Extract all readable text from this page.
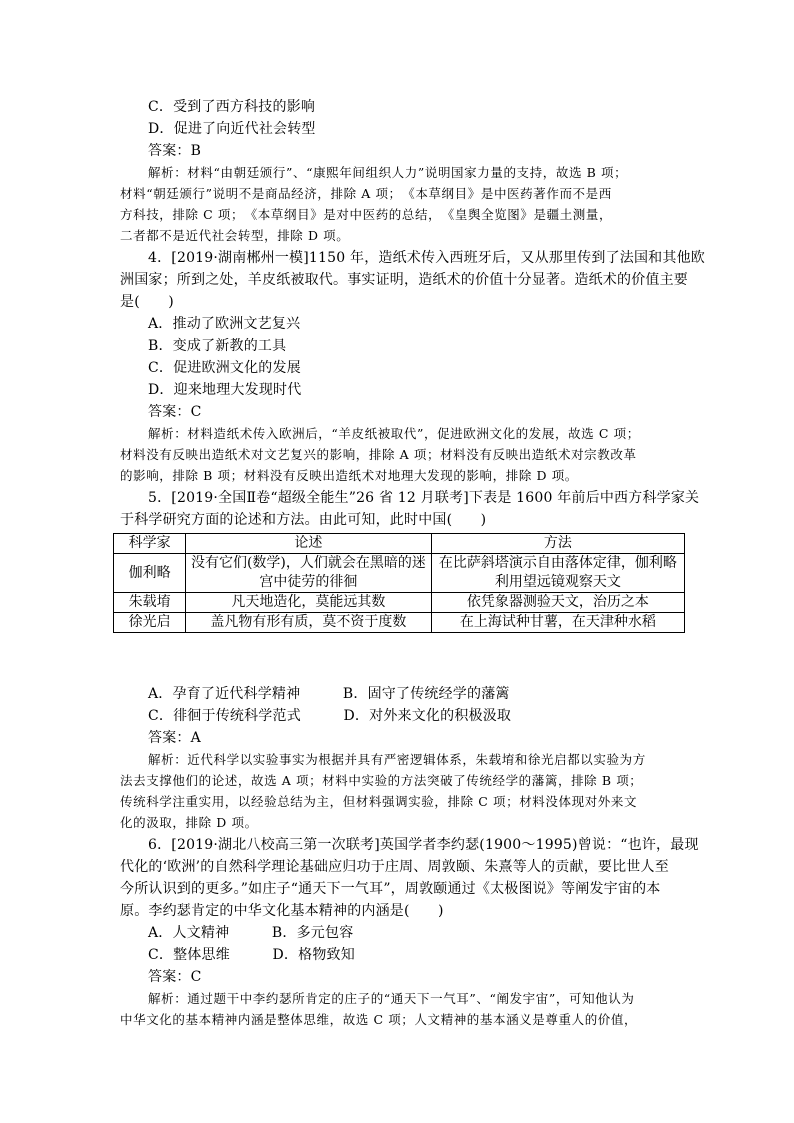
C．受到了西方科技的影响
D．促进了向近代社会转型
答案：B
解析：材料“由朝廷颁行”、“康熙年间组织人力”说明国家力量的支持，故选 B 项；
材料“朝廷颁行”说明不是商品经济，排除 A 项；　《本草纲目》是中医药著作而不是西
方科技，排除 C 项；　《本草纲目》是对中医药的总结，　《皇舆全览图》是疆土测量，
二者都不是近代社会转型，排除 D 项。
4．[2019·湖南郴州一模]1150 年，造纸术传入西班牙后，又从那里传到了法国和其他欧
洲国家；所到之处，羊皮纸被取代。事实证明，造纸术的价值十分显著。造纸术的价值主要
是(　　)
A．推动了欧洲文艺复兴
B．变成了新教的工具
C．促进欧洲文化的发展
D．迎来地理大发现时代
答案：C
解析：材料造纸术传入欧洲后，“羊皮纸被取代”，促进欧洲文化的发展，故选 C 项；
材料没有反映出造纸术对文艺复兴的影响，排除 A 项；材料没有反映出造纸术对宗教改革
的影响，排除 B 项；材料没有反映出造纸术对地理大发现的影响，排除 D 项。
5．[2019·全国Ⅱ卷“超级全能生”26 省 12 月联考]下表是 1600 年前后中西方科学家关
于科学研究方面的论述和方法。由此可知，此时中国(　　)
科学家	论述	方法
伽利略	没有它们(数学)，人们就会在黑暗的迷宫中徒劳的徘徊	在比萨斜塔演示自由落体定律，伽利略利用望远镜观察天文
朱载堉	凡天地造化，莫能远其数	依凭象器测验天文，治历之本
徐光启	盖凡物有形有质，莫不资于度数	在上海试种甘薯，在天津种水稻
A．孕育了近代科学精神　　　B．固守了传统经学的藩篱
C．徘徊于传统科学范式　　　D．对外来文化的积极汲取
答案：A
解析：近代科学以实验事实为根据并具有严密逻辑体系，朱载堉和徐光启都以实验为方
法去支撑他们的论述，故选 A 项；材料中实验的方法突破了传统经学的藩篱，排除 B 项；
传统科学注重实用，以经验总结为主，但材料强调实验，排除 C 项；材料没体现对外来文
化的汲取，排除 D 项。
6．[2019·湖北八校高三第一次联考]英国学者李约瑟(1900～1995)曾说：“也许，最现
代化的‘欧洲’的自然科学理论基础应归功于庄周、周敦颐、朱熹等人的贡献，要比世人至
今所认识到的更多。”如庄子“通天下一气耳”，周敦颐通过《太极图说》等阐发宇宙的本
原。李约瑟肯定的中华文化基本精神的内涵是(　　)
A．人文精神　　　B．多元包容
C．整体思维　　　D．格物致知
答案：C
解析：通过题干中李约瑟所肯定的庄子的“通天下一气耳”、“阐发宇宙”，可知他认为
中华文化的基本精神内涵是整体思维，故选 C 项；人文精神的基本涵义是尊重人的价值，
